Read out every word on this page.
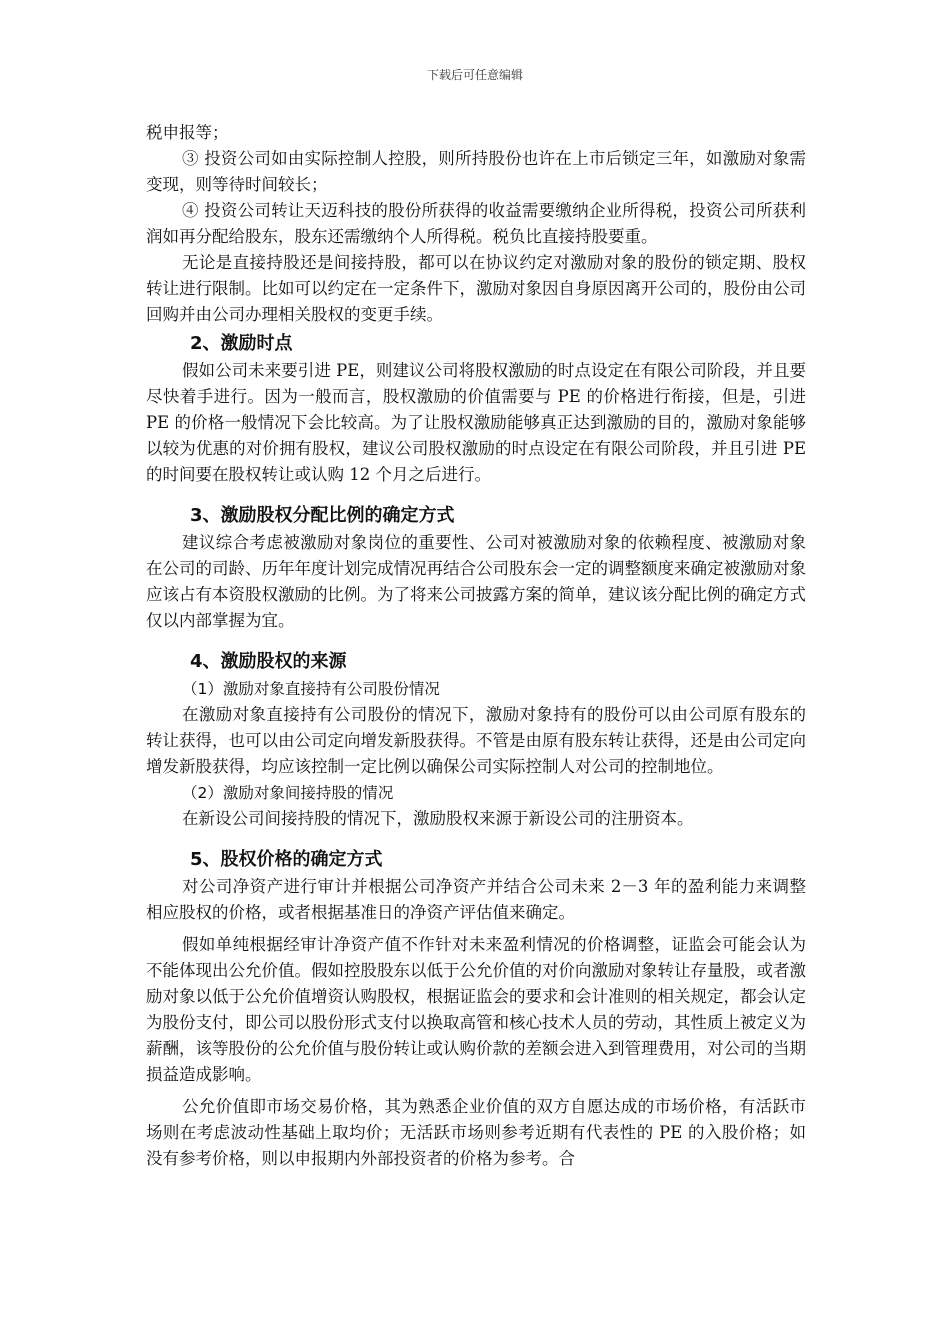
下载后可任意编辑

税申报等；

③ 投资公司如由实际控制人控股，则所持股份也许在上市后锁定三年，如激励对象需变现，则等待时间较长；

④ 投资公司转让天迈科技的股份所获得的收益需要缴纳企业所得税，投资公司所获利润如再分配给股东，股东还需缴纳个人所得税。税负比直接持股要重。

无论是直接持股还是间接持股，都可以在协议约定对激励对象的股份的锁定期、股权转让进行限制。比如可以约定在一定条件下，激励对象因自身原因离开公司的，股份由公司回购并由公司办理相关股权的变更手续。

2、激励时点

假如公司未来要引进 PE，则建议公司将股权激励的时点设定在有限公司阶段，并且要尽快着手进行。因为一般而言，股权激励的价值需要与 PE 的价格进行衔接，但是，引进 PE 的价格一般情况下会比较高。为了让股权激励能够真正达到激励的目的，激励对象能够以较为优惠的对价拥有股权，建议公司股权激励的时点设定在有限公司阶段，并且引进 PE 的时间要在股权转让或认购 12 个月之后进行。

3、激励股权分配比例的确定方式

建议综合考虑被激励对象岗位的重要性、公司对被激励对象的依赖程度、被激励对象在公司的司龄、历年年度计划完成情况再结合公司股东会一定的调整额度来确定被激励对象应该占有本资股权激励的比例。为了将来公司披露方案的简单，建议该分配比例的确定方式仅以内部掌握为宜。

4、激励股权的来源
（1）激励对象直接持有公司股份情况

在激励对象直接持有公司股份的情况下，激励对象持有的股份可以由公司原有股东的转让获得，也可以由公司定向增发新股获得。不管是由原有股东转让获得，还是由公司定向增发新股获得，均应该控制一定比例以确保公司实际控制人对公司的控制地位。

（2）激励对象间接持股的情况

在新设公司间接持股的情况下，激励股权来源于新设公司的注册资本。

5、股权价格的确定方式

对公司净资产进行审计并根据公司净资产并结合公司未来 2－3 年的盈利能力来调整相应股权的价格，或者根据基准日的净资产评估值来确定。

假如单纯根据经审计净资产值不作针对未来盈利情况的价格调整，证监会可能会认为不能体现出公允价值。假如控股股东以低于公允价值的对价向激励对象转让存量股，或者激励对象以低于公允价值增资认购股权，根据证监会的要求和会计准则的相关规定，都会认定为股份支付，即公司以股份形式支付以换取高管和核心技术人员的劳动，其性质上被定义为薪酬，该等股份的公允价值与股份转让或认购价款的差额会进入到管理费用，对公司的当期损益造成影响。

公允价值即市场交易价格，其为熟悉企业价值的双方自愿达成的市场价格，有活跃市场则在考虑波动性基础上取均价；无活跃市场则参考近期有代表性的 PE 的入股价格；如没有参考价格，则以申报期内外部投资者的价格为参考。合
